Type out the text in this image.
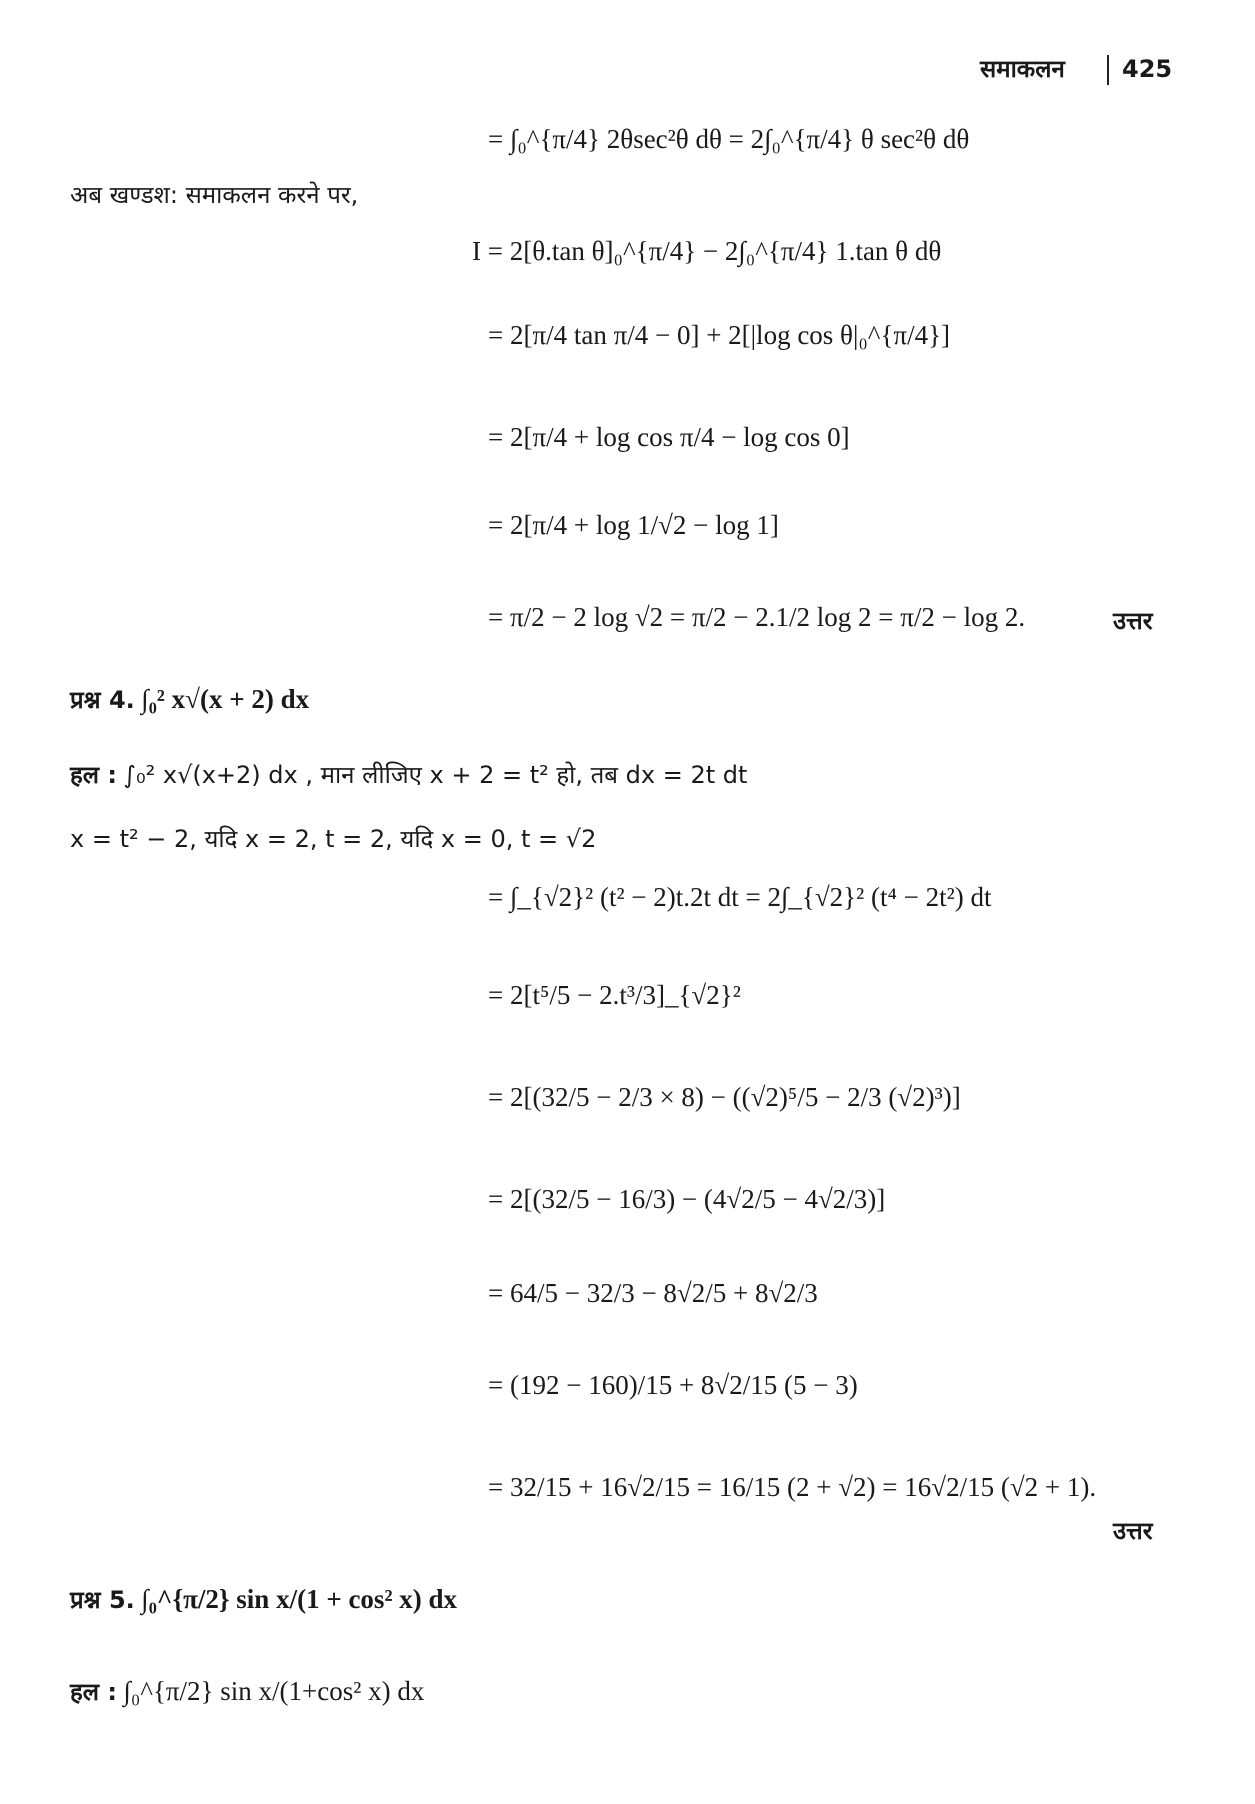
समाकलन 425
= ∫₀^{π/4} 2θsec²θ dθ = 2∫₀^{π/4} θ sec²θ dθ
अब खण्डश: समाकलन करने पर,
I = 2[θ.tan θ]₀^{π/4} − 2∫₀^{π/4} 1.tan θ dθ
= 2[π/4 tan π/4 − 0] + 2[|log cos θ|₀^{π/4}]
= 2[π/4 + log cos π/4 − log cos 0]
= 2[π/4 + log 1/√2 − log 1]
= π/2 − 2 log √2 = π/2 − 2.1/2 log 2 = π/2 − log 2.	उत्तर
प्रश्न 4. ∫₀² x√(x + 2) dx
हल : ∫₀² x√(x+2) dx , मान लीजिए x + 2 = t² हो, तब dx = 2t dt
x = t² − 2, यदि x = 2, t = 2, यदि x = 0, t = √2
= ∫_{√2}² (t² − 2)t.2t dt = 2∫_{√2}² (t⁴ − 2t²) dt
= 2[t⁵/5 − 2.t³/3]_{√2}²
= 2[(32/5 − 2/3 × 8) − ((√2)⁵/5 − 2/3 (√2)³)]
= 2[(32/5 − 16/3) − (4√2/5 − 4√2/3)]
= 64/5 − 32/3 − 8√2/5 + 8√2/3
= (192 − 160)/15 + 8√2/15 (5 − 3)
= 32/15 + 16√2/15 = 16/15 (2 + √2) = 16√2/15 (√2 + 1).
उत्तर
प्रश्न 5. ∫₀^{π/2} sin x/(1 + cos² x) dx
हल : ∫₀^{π/2} sin x/(1+cos² x) dx
